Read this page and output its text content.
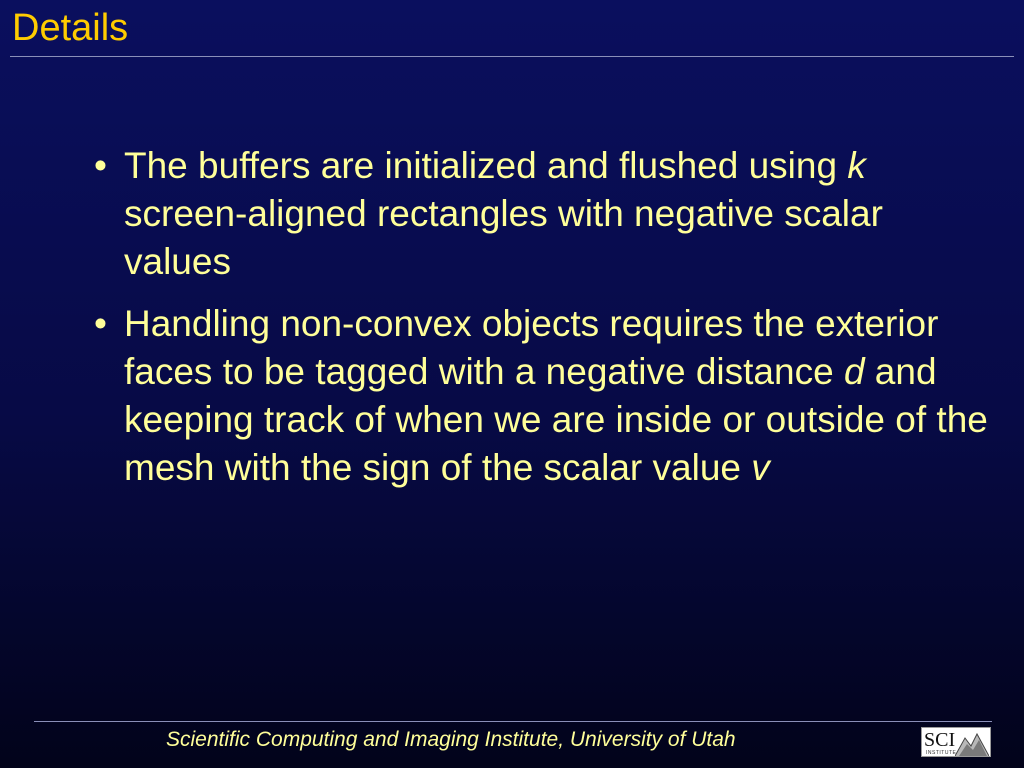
Details
• The buffers are initialized and flushed using k screen-aligned rectangles with negative scalar values
• Handling non-convex objects requires the exterior faces to be tagged with a negative distance d and keeping track of when we are inside or outside of the mesh with the sign of the scalar value v
Scientific Computing and Imaging Institute, University of Utah	SCI
INSTITUTE
